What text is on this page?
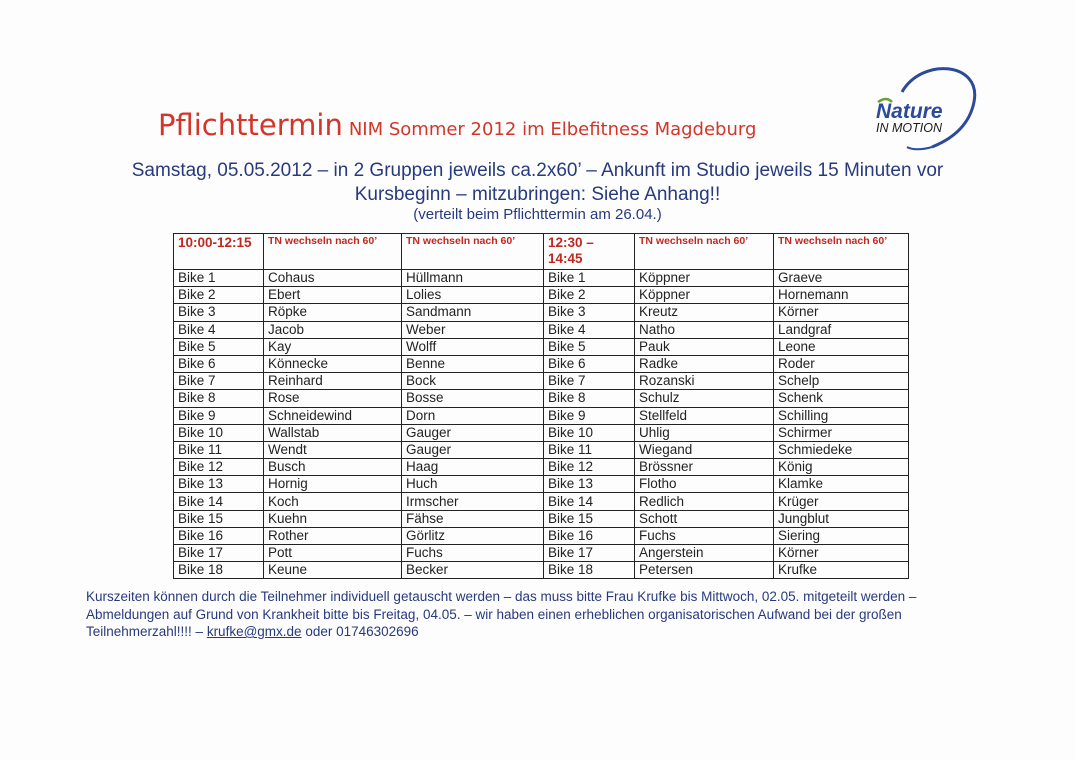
Nature
IN MOTION
Pflichttermin NIM Sommer 2012 im Elbefitness Magdeburg
Samstag, 05.05.2012 – in 2 Gruppen jeweils ca.2x60’ – Ankunft im Studio jeweils 15 Minuten vor
Kursbeginn – mitzubringen: Siehe Anhang!!
(verteilt beim Pflichttermin am 26.04.)
10:00-12:15	TN wechseln nach 60’	TN wechseln nach 60’	12:30 – 14:45	TN wechseln nach 60’	TN wechseln nach 60’
Bike 1	Cohaus	Hüllmann	Bike 1	Köppner	Graeve
Bike 2	Ebert	Lolies	Bike 2	Köppner	Hornemann
Bike 3	Röpke	Sandmann	Bike 3	Kreutz	Körner
Bike 4	Jacob	Weber	Bike 4	Natho	Landgraf
Bike 5	Kay	Wolff	Bike 5	Pauk	Leone
Bike 6	Könnecke	Benne	Bike 6	Radke	Roder
Bike 7	Reinhard	Bock	Bike 7	Rozanski	Schelp
Bike 8	Rose	Bosse	Bike 8	Schulz	Schenk
Bike 9	Schneidewind	Dorn	Bike 9	Stellfeld	Schilling
Bike 10	Wallstab	Gauger	Bike 10	Uhlig	Schirmer
Bike 11	Wendt	Gauger	Bike 11	Wiegand	Schmiedeke
Bike 12	Busch	Haag	Bike 12	Brössner	König
Bike 13	Hornig	Huch	Bike 13	Flotho	Klamke
Bike 14	Koch	Irmscher	Bike 14	Redlich	Krüger
Bike 15	Kuehn	Fähse	Bike 15	Schott	Jungblut
Bike 16	Rother	Görlitz	Bike 16	Fuchs	Siering
Bike 17	Pott	Fuchs	Bike 17	Angerstein	Körner
Bike 18	Keune	Becker	Bike 18	Petersen	Krufke
Kurszeiten können durch die Teilnehmer individuell getauscht werden – das muss bitte Frau Krufke bis Mittwoch, 02.05. mitgeteilt werden –
Abmeldungen auf Grund von Krankheit bitte bis Freitag, 04.05. – wir haben einen erheblichen organisatorischen Aufwand bei der großen
Teilnehmerzahl!!!! – krufke@gmx.de oder 01746302696
